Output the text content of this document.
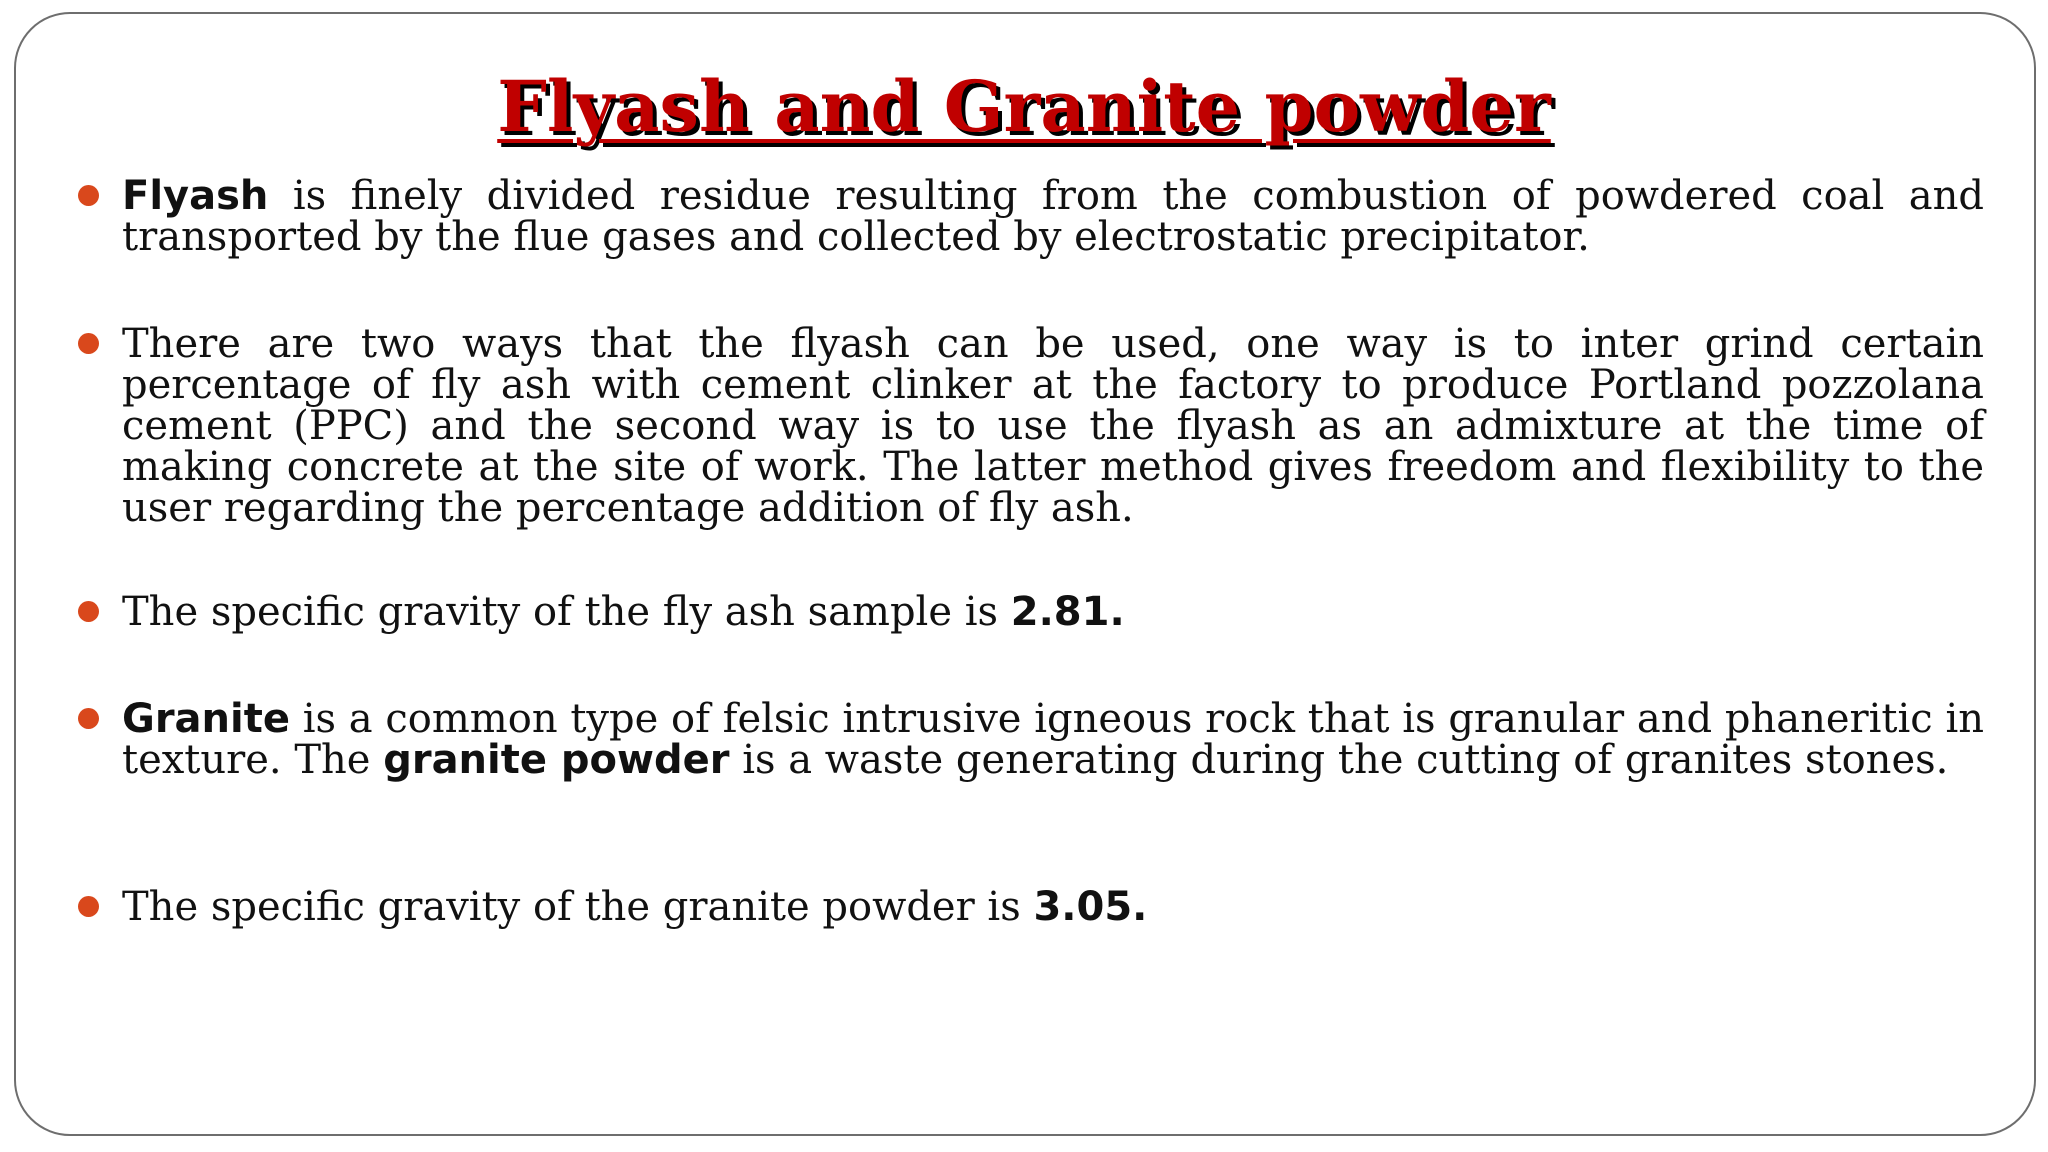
Flyash and Granite powder
Flyash is finely divided residue resulting from the combustion of powdered coal and transported by the flue gases and collected by electrostatic precipitator.
There are two ways that the flyash can be used, one way is to inter grind certain percentage of fly ash with cement clinker at the factory to produce Portland pozzolana cement (PPC) and the second way is to use the flyash as an admixture at the time of making concrete at the site of work. The latter method gives freedom and flexibility to the user regarding the percentage addition of fly ash.
The specific gravity of the fly ash sample is 2.81.
Granite is a common type of felsic intrusive igneous rock that is granular and phaneritic in texture. The granite powder is a waste generating during the cutting of granites stones.
The specific gravity of the granite powder is 3.05.
